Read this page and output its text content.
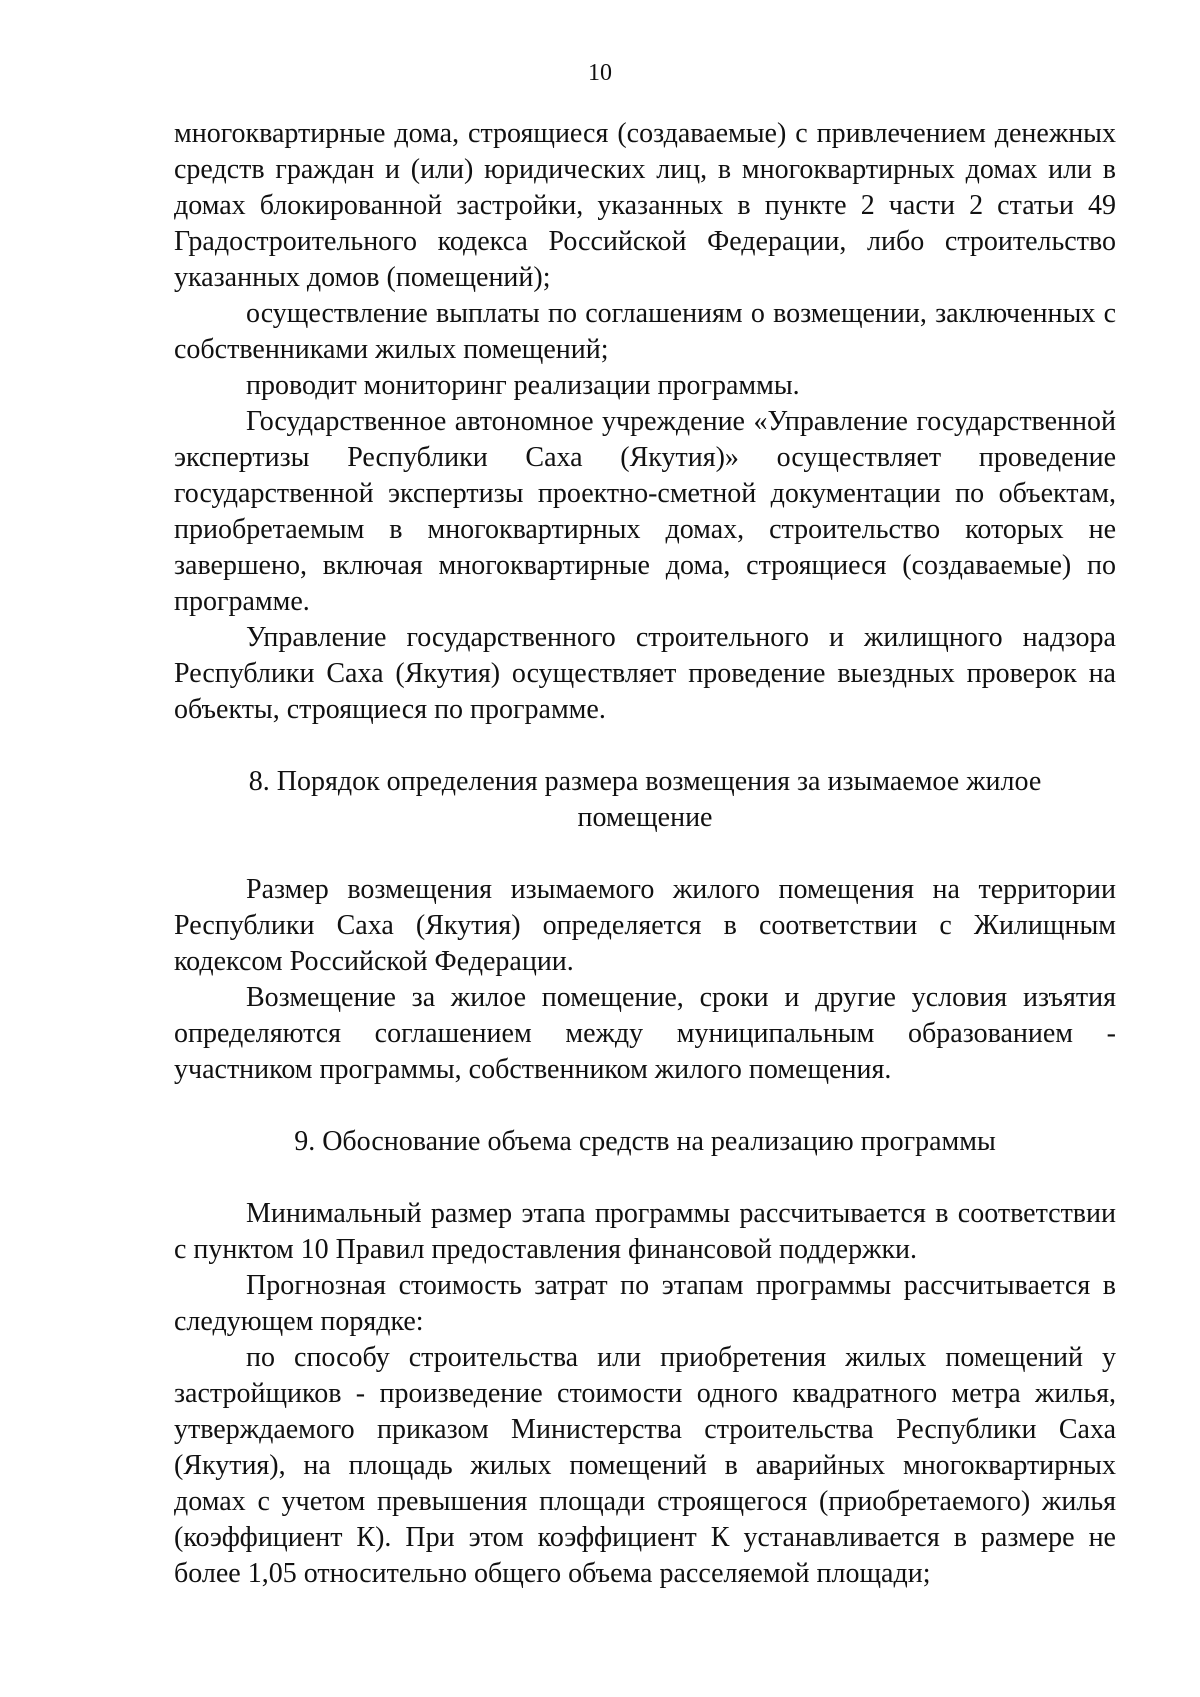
10

многоквартирные дома, строящиеся (создаваемые) с привлечением денежных средств граждан и (или) юридических лиц, в многоквартирных домах или в домах блокированной застройки, указанных в пункте 2 части 2 статьи 49 Градостроительного кодекса Российской Федерации, либо строительство указанных домов (помещений);

осуществление выплаты по соглашениям о возмещении, заключенных с собственниками жилых помещений;

проводит мониторинг реализации программы.

Государственное автономное учреждение «Управление государственной экспертизы Республики Саха (Якутия)» осуществляет проведение государственной экспертизы проектно-сметной документации по объектам, приобретаемым в многоквартирных домах, строительство которых не завершено, включая многоквартирные дома, строящиеся (создаваемые) по программе.

Управление государственного строительного и жилищного надзора Республики Саха (Якутия) осуществляет проведение выездных проверок на объекты, строящиеся по программе.

8. Порядок определения размера возмещения за изымаемое жилое

помещение

Размер возмещения изымаемого жилого помещения на территории Республики Саха (Якутия) определяется в соответствии с Жилищным кодексом Российской Федерации.

Возмещение за жилое помещение, сроки и другие условия изъятия определяются соглашением между муниципальным образованием - участником программы, собственником жилого помещения.

9. Обоснование объема средств на реализацию программы

Минимальный размер этапа программы рассчитывается в соответствии с пунктом 10 Правил предоставления финансовой поддержки.

Прогнозная стоимость затрат по этапам программы рассчитывается в следующем порядке:

по способу строительства или приобретения жилых помещений у застройщиков - произведение стоимости одного квадратного метра жилья, утверждаемого приказом Министерства строительства Республики Саха (Якутия), на площадь жилых помещений в аварийных многоквартирных домах с учетом превышения площади строящегося (приобретаемого) жилья (коэффициент К). При этом коэффициент К устанавливается в размере не более 1,05 относительно общего объема расселяемой площади;
